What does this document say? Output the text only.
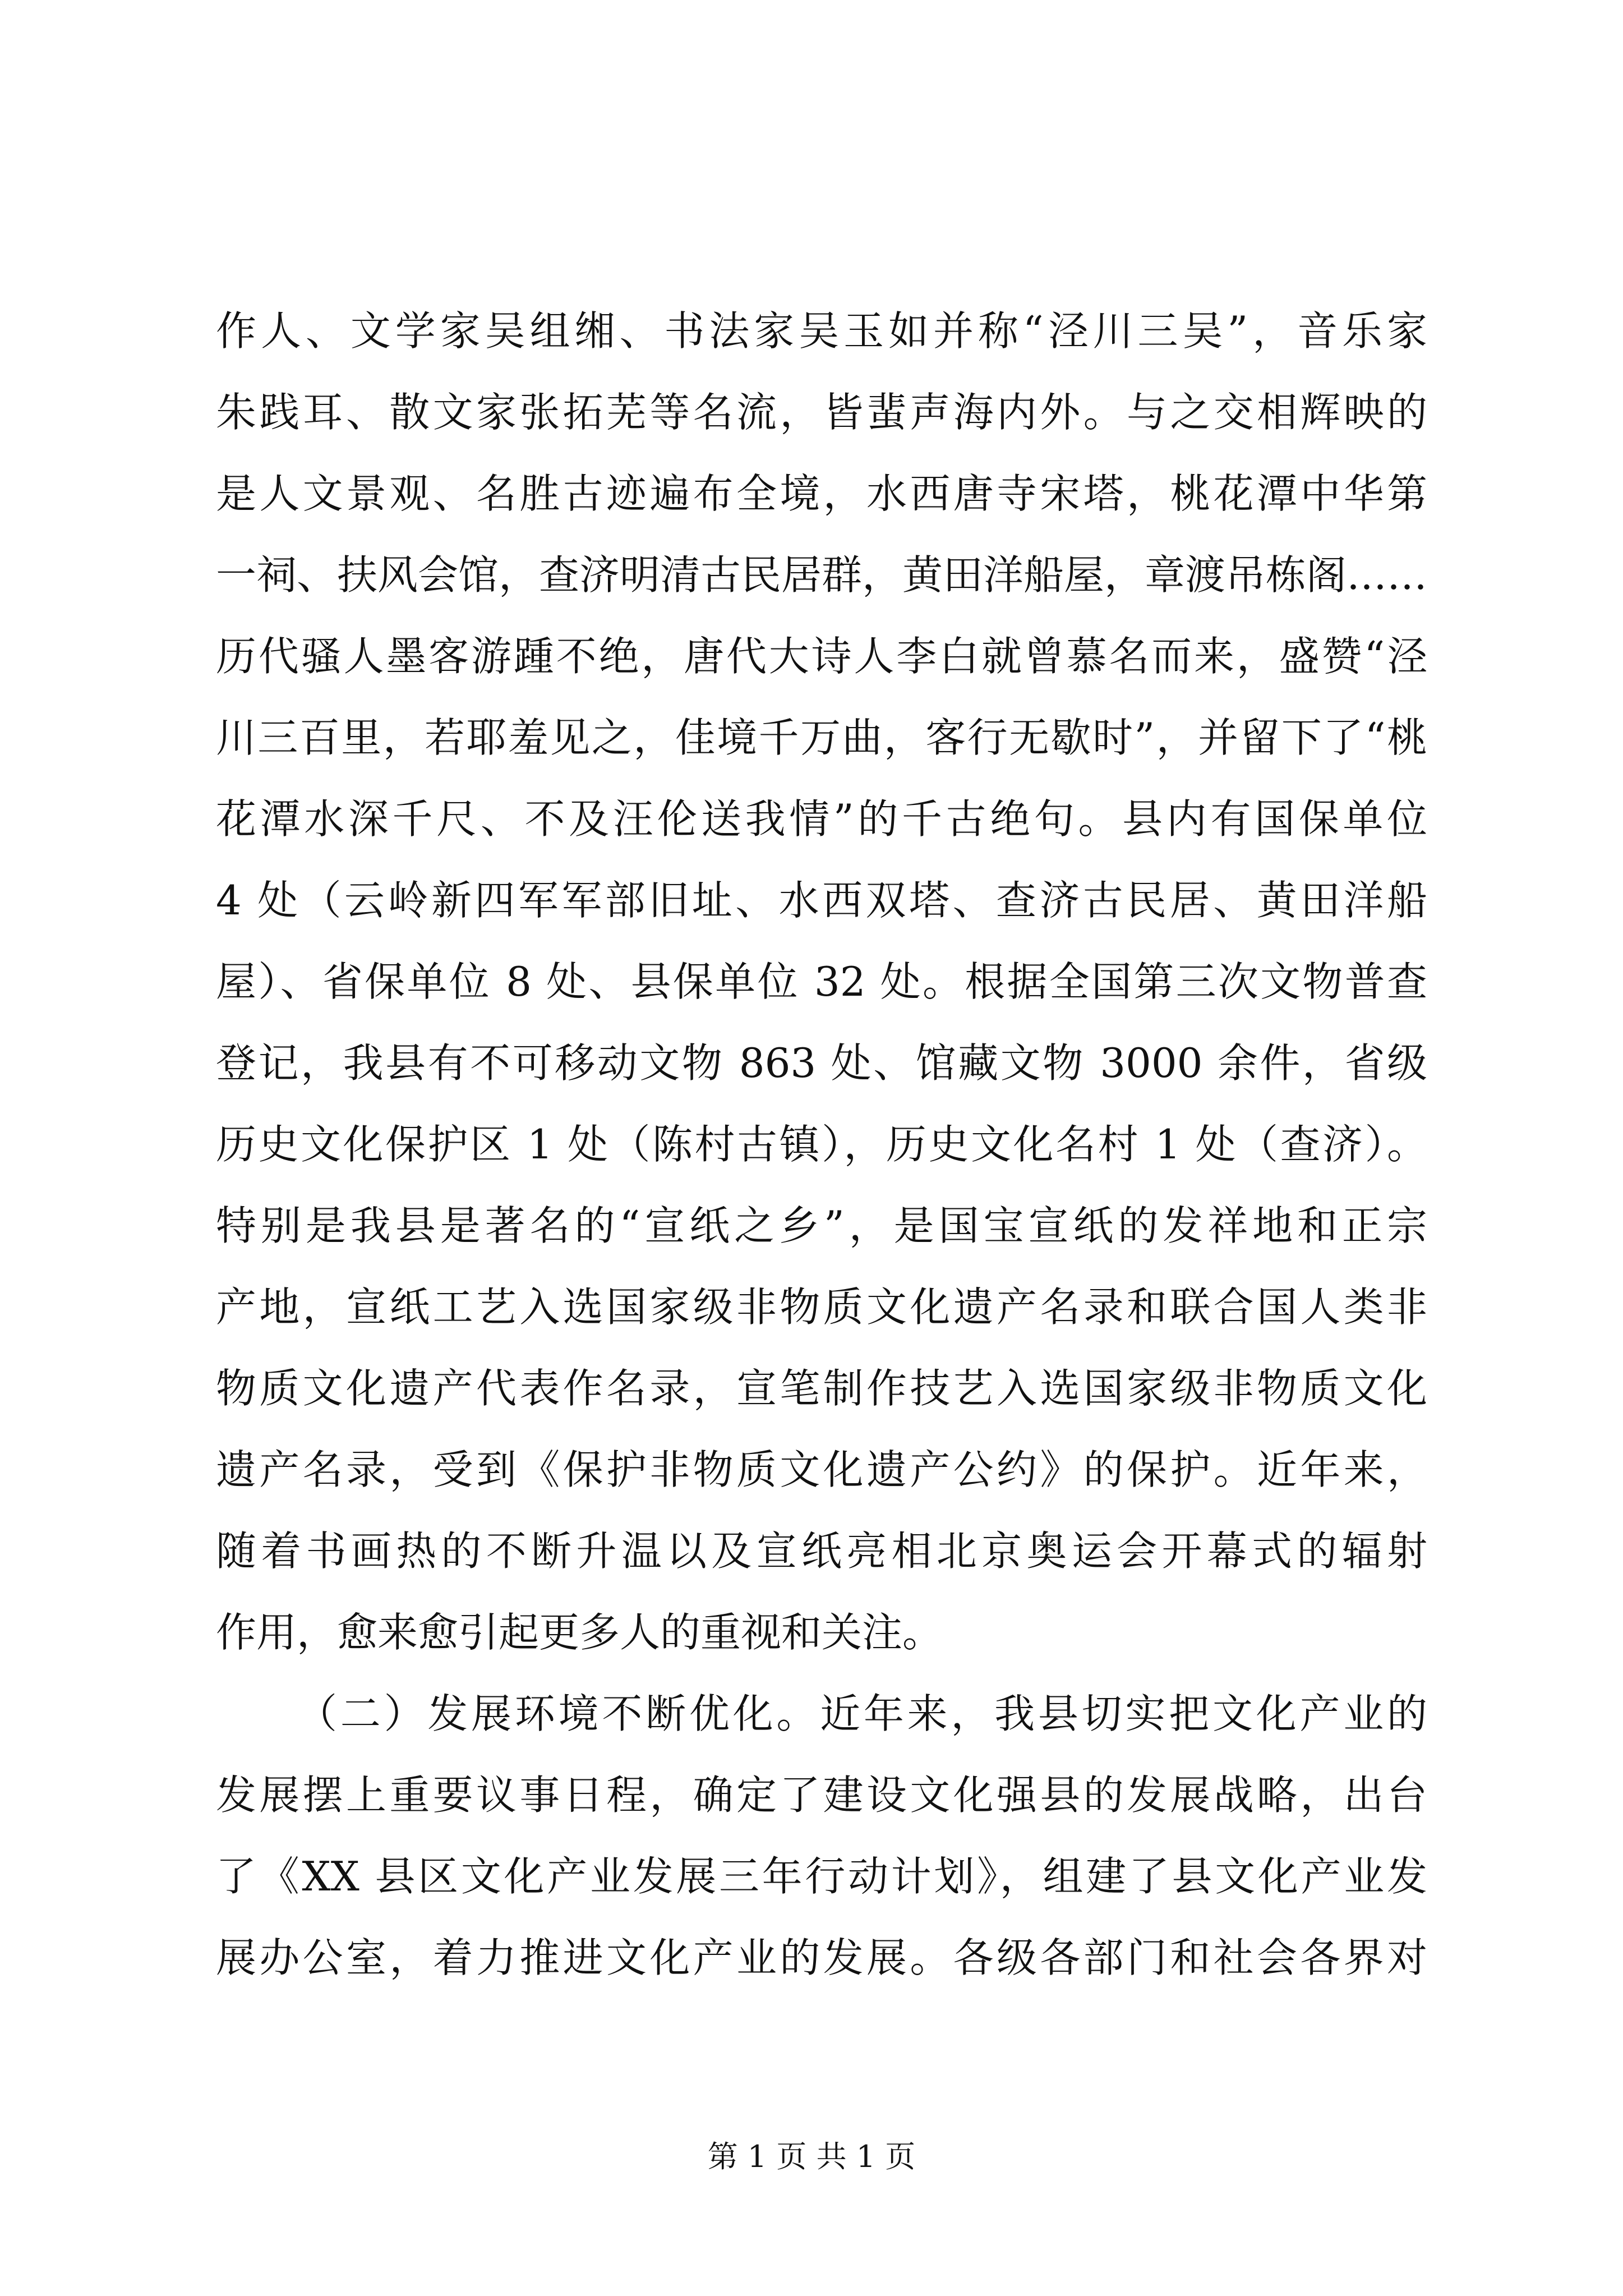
作人、文学家吴组缃、书法家吴玉如并称“泾川三吴”，音乐家
朱践耳、散文家张拓芜等名流，皆蜚声海内外。与之交相辉映的
是人文景观、名胜古迹遍布全境，水西唐寺宋塔，桃花潭中华第
一祠、扶风会馆，查济明清古民居群，黄田洋船屋，章渡吊栋阁……
历代骚人墨客游踵不绝，唐代大诗人李白就曾慕名而来，盛赞“泾
川三百里，若耶羞见之，佳境千万曲，客行无歇时”，并留下了“桃
花潭水深千尺、不及汪伦送我情”的千古绝句。县内有国保单位
4 处（云岭新四军军部旧址、水西双塔、查济古民居、黄田洋船
屋）、省保单位 8 处、县保单位 32 处。根据全国第三次文物普查
登记，我县有不可移动文物 863 处、馆藏文物 3000 余件，省级
历史文化保护区 1 处（陈村古镇），历史文化名村 1 处（查济）。
特别是我县是著名的“宣纸之乡”，是国宝宣纸的发祥地和正宗
产地，宣纸工艺入选国家级非物质文化遗产名录和联合国人类非
物质文化遗产代表作名录，宣笔制作技艺入选国家级非物质文化
遗产名录，受到《保护非物质文化遗产公约》的保护。近年来，
随着书画热的不断升温以及宣纸亮相北京奥运会开幕式的辐射
作用，愈来愈引起更多人的重视和关注。
（二）发展环境不断优化。近年来，我县切实把文化产业的
发展摆上重要议事日程，确定了建设文化强县的发展战略，出台
了《XX 县区文化产业发展三年行动计划》，组建了县文化产业发
展办公室，着力推进文化产业的发展。各级各部门和社会各界对
第 1 页 共 1 页
